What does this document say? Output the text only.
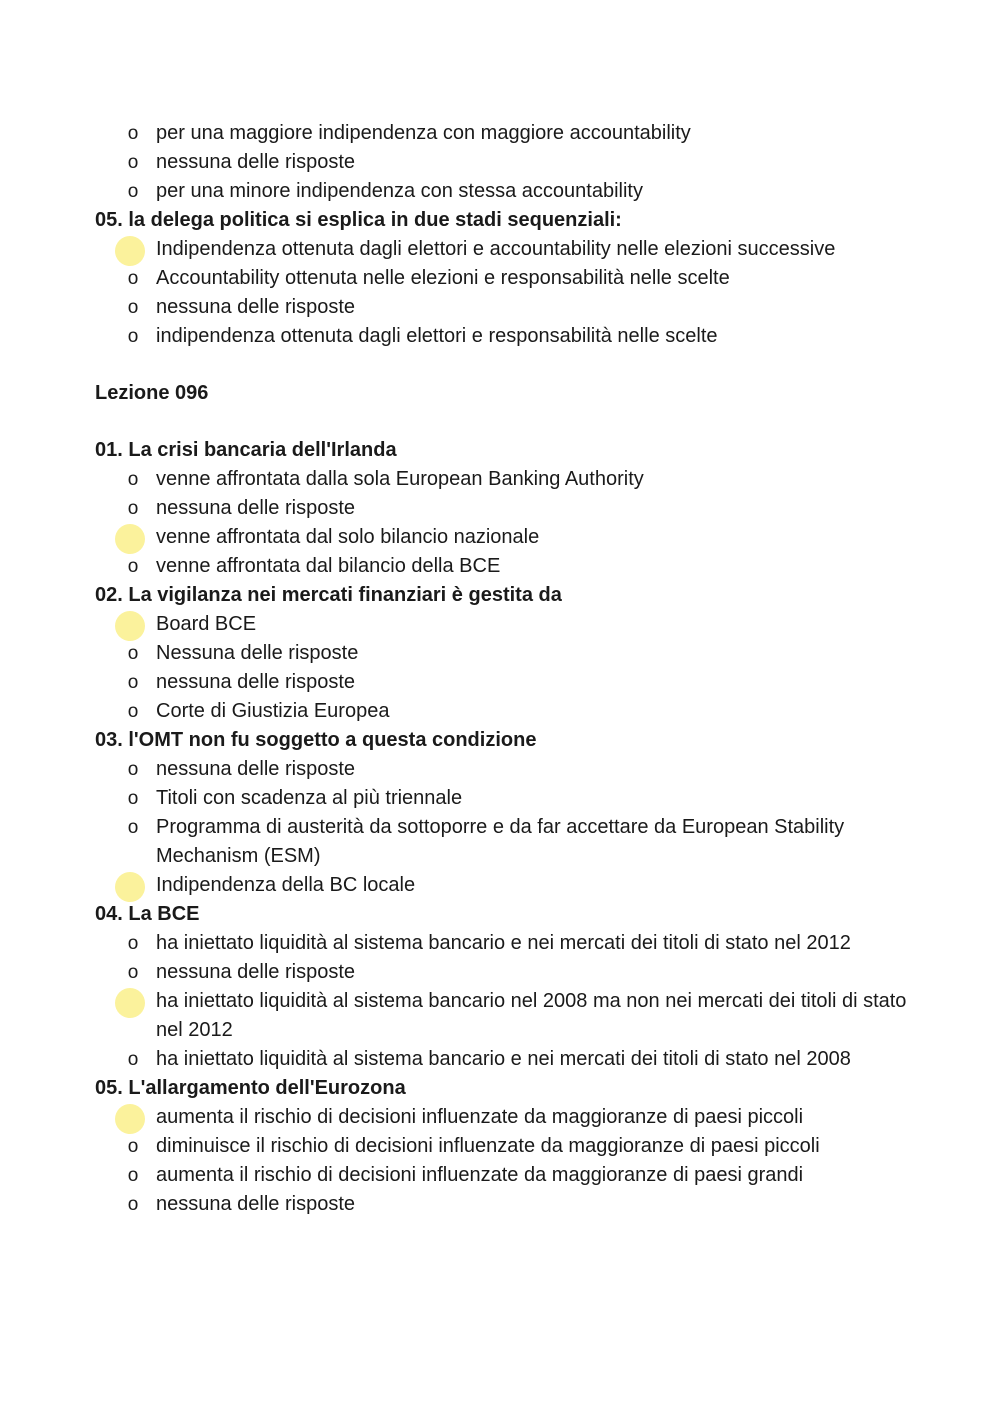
o per una maggiore indipendenza con maggiore accountability
o nessuna delle risposte
o per una minore indipendenza con stessa accountability
05. la delega politica si esplica in due stadi sequenziali:
Indipendenza ottenuta dagli elettori e accountability nelle elezioni successive
o Accountability ottenuta nelle elezioni e responsabilità nelle scelte
o nessuna delle risposte
o indipendenza ottenuta dagli elettori e responsabilità nelle scelte
Lezione 096
01. La crisi bancaria dell'Irlanda
o venne affrontata dalla sola European Banking Authority
o nessuna delle risposte
venne affrontata dal solo bilancio nazionale
o venne affrontata dal bilancio della BCE
02. La vigilanza nei mercati finanziari è gestita da
Board BCE
o Nessuna delle risposte
o nessuna delle risposte
o Corte di Giustizia Europea
03. l'OMT non fu soggetto a questa condizione
o nessuna delle risposte
o Titoli con scadenza al più triennale
o Programma di austerità da sottoporre e da far accettare da European Stability Mechanism (ESM)
Indipendenza della BC locale
04. La BCE
o ha iniettato liquidità al sistema bancario e nei mercati dei titoli di stato nel 2012
o nessuna delle risposte
ha iniettato liquidità al sistema bancario nel 2008 ma non nei mercati dei titoli di stato nel 2012
o ha iniettato liquidità al sistema bancario e nei mercati dei titoli di stato nel 2008
05. L'allargamento dell'Eurozona
aumenta il rischio di decisioni influenzate da maggioranze di paesi piccoli
o diminuisce il rischio di decisioni influenzate da maggioranze di paesi piccoli
o aumenta il rischio di decisioni influenzate da maggioranze di paesi grandi
o nessuna delle risposte
